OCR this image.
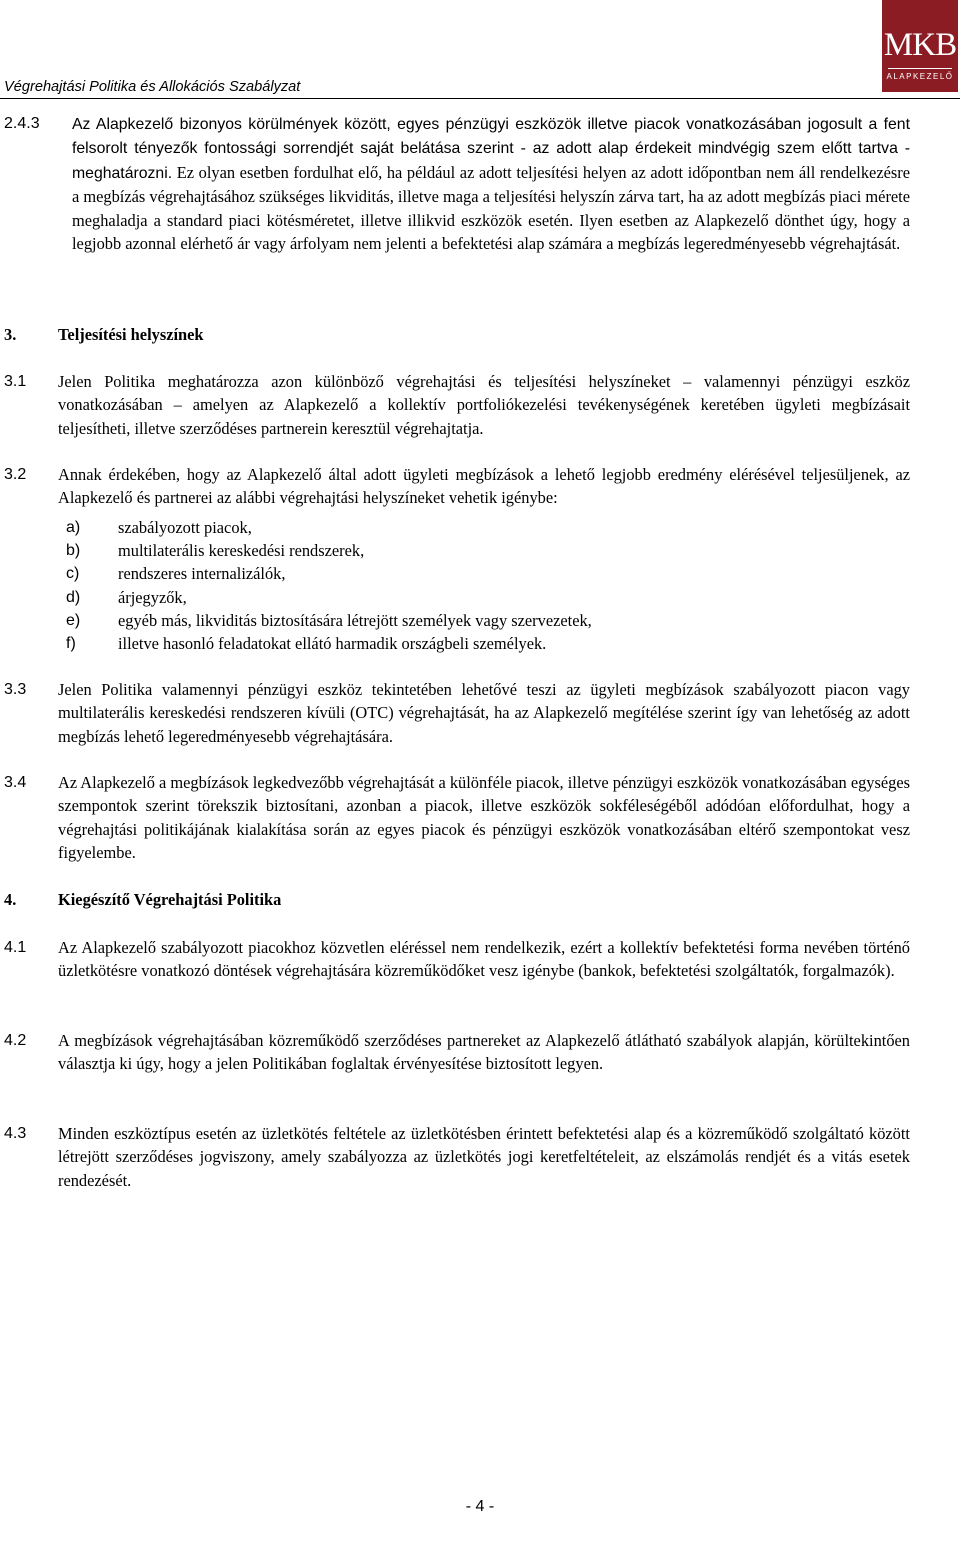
Végrehajtási Politika és Allokációs Szabályzat
MKB
ALAPKEZELŐ
2.4.3 Az Alapkezelő bizonyos körülmények között, egyes pénzügyi eszközök illetve piacok vonatkozásában jogosult a fent felsorolt tényezők fontossági sorrendjét saját belátása szerint - az adott alap érdekeit mindvégig szem előtt tartva - meghatározni. Ez olyan esetben fordulhat elő, ha például az adott teljesítési helyen az adott időpontban nem áll rendelkezésre a megbízás végrehajtásához szükséges likviditás, illetve maga a teljesítési helyszín zárva tart, ha az adott megbízás piaci mérete meghaladja a standard piaci kötésméretet, illetve illikvid eszközök esetén. Ilyen esetben az Alapkezelő dönthet úgy, hogy a legjobb azonnal elérhető ár vagy árfolyam nem jelenti a befektetési alap számára a megbízás legeredményesebb végrehajtását.
3.	Teljesítési helyszínek
3.1 Jelen Politika meghatározza azon különböző végrehajtási és teljesítési helyszíneket – valamennyi pénzügyi eszköz vonatkozásában – amelyen az Alapkezelő a kollektív portfoliókezelési tevékenységének keretében ügyleti megbízásait teljesítheti, illetve szerződéses partnerein keresztül végrehajtatja.
3.2 Annak érdekében, hogy az Alapkezelő által adott ügyleti megbízások a lehető legjobb eredmény elérésével teljesüljenek, az Alapkezelő és partnerei az alábbi végrehajtási helyszíneket vehetik igénybe:
a) szabályozott piacok,
b) multilaterális kereskedési rendszerek,
c) rendszeres internalizálók,
d) árjegyzők,
e) egyéb más, likviditás biztosítására létrejött személyek vagy szervezetek,
f)	illetve hasonló feladatokat ellátó harmadik országbeli személyek.
3.3 Jelen Politika valamennyi pénzügyi eszköz tekintetében lehetővé teszi az ügyleti megbízások szabályozott piacon vagy multilaterális kereskedési rendszeren kívüli (OTC) végrehajtását, ha az Alapkezelő megítélése szerint így van lehetőség az adott megbízás lehető legeredményesebb végrehajtására.
3.4 Az Alapkezelő a megbízások legkedvezőbb végrehajtását a különféle piacok, illetve pénzügyi eszközök vonatkozásában egységes szempontok szerint törekszik biztosítani, azonban a piacok, illetve eszközök sokféleségéből adódóan előfordulhat, hogy a végrehajtási politikájának kialakítása során az egyes piacok és pénzügyi eszközök vonatkozásában eltérő szempontokat vesz figyelembe.
4.	Kiegészítő Végrehajtási Politika
4.1 Az Alapkezelő szabályozott piacokhoz közvetlen eléréssel nem rendelkezik, ezért a kollektív befektetési forma nevében történő üzletkötésre vonatkozó döntések végrehajtására közreműködőket vesz igénybe (bankok, befektetési szolgáltatók, forgalmazók).
4.2 A megbízások végrehajtásában közreműködő szerződéses partnereket az Alapkezelő átlátható szabályok alapján, körültekintően választja ki úgy, hogy a jelen Politikában foglaltak érvényesítése biztosított legyen.
4.3 Minden eszköztípus esetén az üzletkötés feltétele az üzletkötésben érintett befektetési alap és a közreműködő szolgáltató között létrejött szerződéses jogviszony, amely szabályozza az üzletkötés jogi keretfeltételeit, az elszámolás rendjét és a vitás esetek rendezését.
- 4 -
